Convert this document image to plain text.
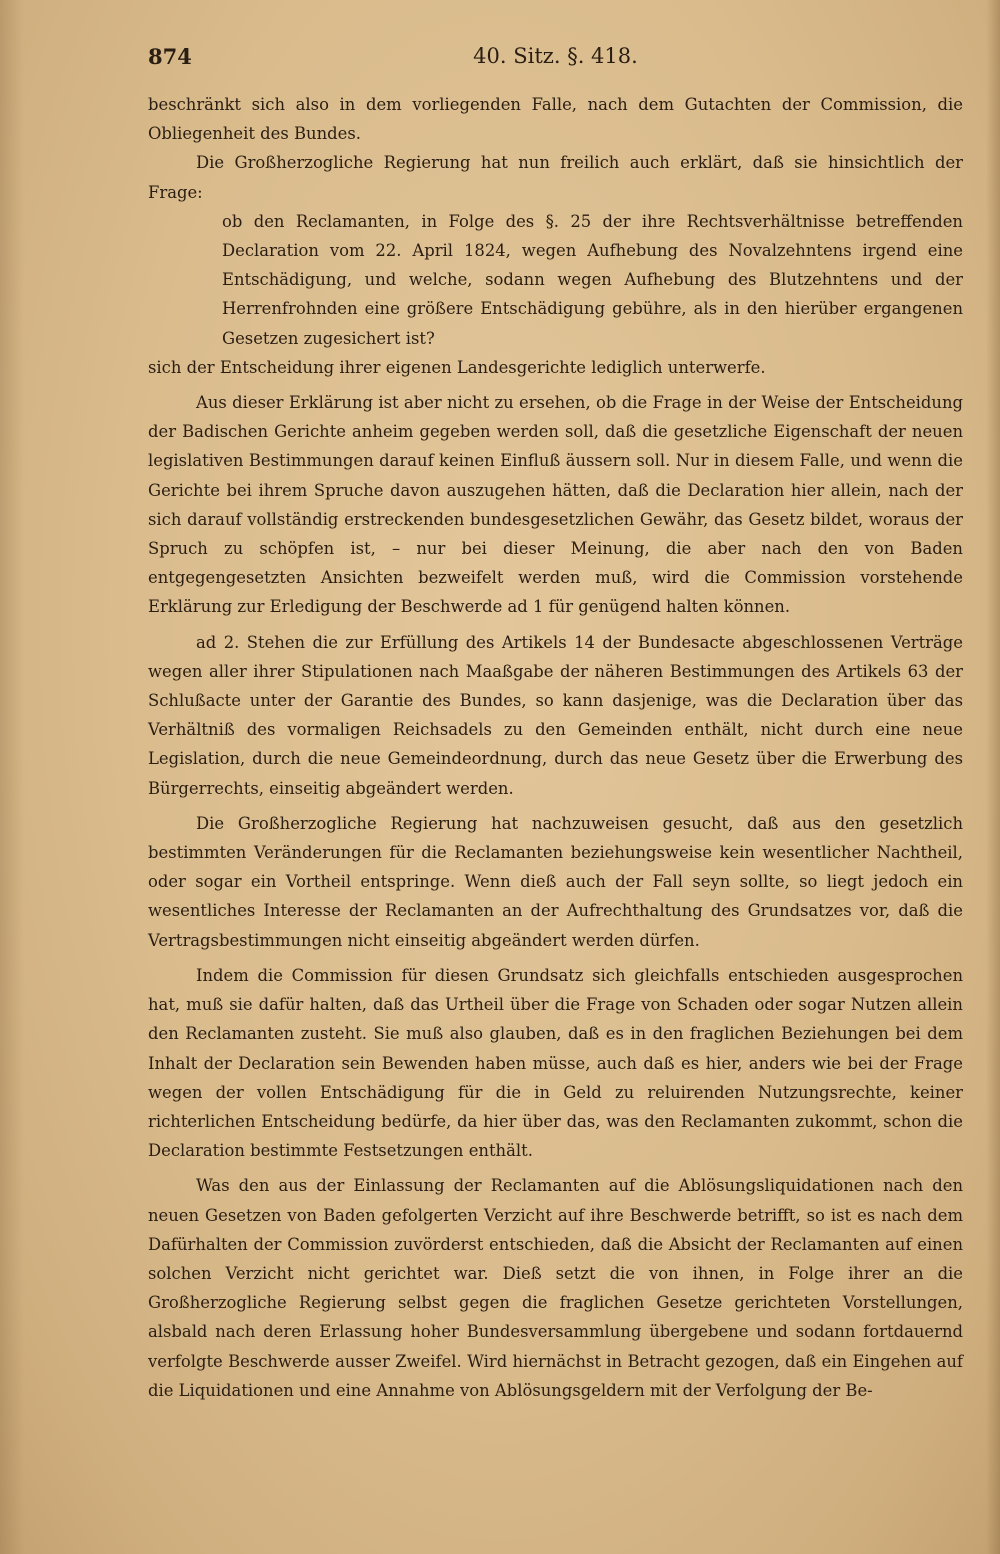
874	40. Sitz. §. 418.

beschränkt sich also in dem vorliegenden Falle, nach dem Gutachten der Commission, die Obliegenheit des Bundes.

Die Großherzogliche Regierung hat nun freilich auch erklärt, daß sie hinsichtlich der Frage:

ob den Reclamanten, in Folge des §. 25 der ihre Rechtsverhältnisse betreffenden Declaration vom 22. April 1824, wegen Aufhebung des Novalzehntens irgend eine Entschädigung, und welche, sodann wegen Aufhebung des Blutzehntens und der Herrenfrohnden eine größere Entschädigung gebühre, als in den hierüber ergangenen Gesetzen zugesichert ist?

sich der Entscheidung ihrer eigenen Landesgerichte lediglich unterwerfe.

Aus dieser Erklärung ist aber nicht zu ersehen, ob die Frage in der Weise der Entscheidung der Badischen Gerichte anheim gegeben werden soll, daß die gesetzliche Eigenschaft der neuen legislativen Bestimmungen darauf keinen Einfluß äussern soll. Nur in diesem Falle, und wenn die Gerichte bei ihrem Spruche davon auszugehen hätten, daß die Declaration hier allein, nach der sich darauf vollständig erstreckenden bundesgesetzlichen Gewähr, das Gesetz bildet, woraus der Spruch zu schöpfen ist, – nur bei dieser Meinung, die aber nach den von Baden entgegengesetzten Ansichten bezweifelt werden muß, wird die Commission vorstehende Erklärung zur Erledigung der Beschwerde ad 1 für genügend halten können.

ad 2. Stehen die zur Erfüllung des Artikels 14 der Bundesacte abgeschlossenen Verträge wegen aller ihrer Stipulationen nach Maaßgabe der näheren Bestimmungen des Artikels 63 der Schlußacte unter der Garantie des Bundes, so kann dasjenige, was die Declaration über das Verhältniß des vormaligen Reichsadels zu den Gemeinden enthält, nicht durch eine neue Legislation, durch die neue Gemeindeordnung, durch das neue Gesetz über die Erwerbung des Bürgerrechts, einseitig abgeändert werden.

Die Großherzogliche Regierung hat nachzuweisen gesucht, daß aus den gesetzlich bestimmten Veränderungen für die Reclamanten beziehungsweise kein wesentlicher Nachtheil, oder sogar ein Vortheil entspringe. Wenn dieß auch der Fall seyn sollte, so liegt jedoch ein wesentliches Interesse der Reclamanten an der Aufrechthaltung des Grundsatzes vor, daß die Vertragsbestimmungen nicht einseitig abgeändert werden dürfen.

Indem die Commission für diesen Grundsatz sich gleichfalls entschieden ausgesprochen hat, muß sie dafür halten, daß das Urtheil über die Frage von Schaden oder sogar Nutzen allein den Reclamanten zusteht. Sie muß also glauben, daß es in den fraglichen Beziehungen bei dem Inhalt der Declaration sein Bewenden haben müsse, auch daß es hier, anders wie bei der Frage wegen der vollen Entschädigung für die in Geld zu reluirenden Nutzungsrechte, keiner richterlichen Entscheidung bedürfe, da hier über das, was den Reclamanten zukommt, schon die Declaration bestimmte Festsetzungen enthält.

Was den aus der Einlassung der Reclamanten auf die Ablösungsliquidationen nach den neuen Gesetzen von Baden gefolgerten Verzicht auf ihre Beschwerde betrifft, so ist es nach dem Dafürhalten der Commission zuvörderst entschieden, daß die Absicht der Reclamanten auf einen solchen Verzicht nicht gerichtet war. Dieß setzt die von ihnen, in Folge ihrer an die Großherzogliche Regierung selbst gegen die fraglichen Gesetze gerichteten Vorstellungen, alsbald nach deren Erlassung hoher Bundesversammlung übergebene und sodann fortdauernd verfolgte Beschwerde ausser Zweifel. Wird hiernächst in Betracht gezogen, daß ein Eingehen auf die Liquidationen und eine Annahme von Ablösungsgeldern mit der Verfolgung der Be-
